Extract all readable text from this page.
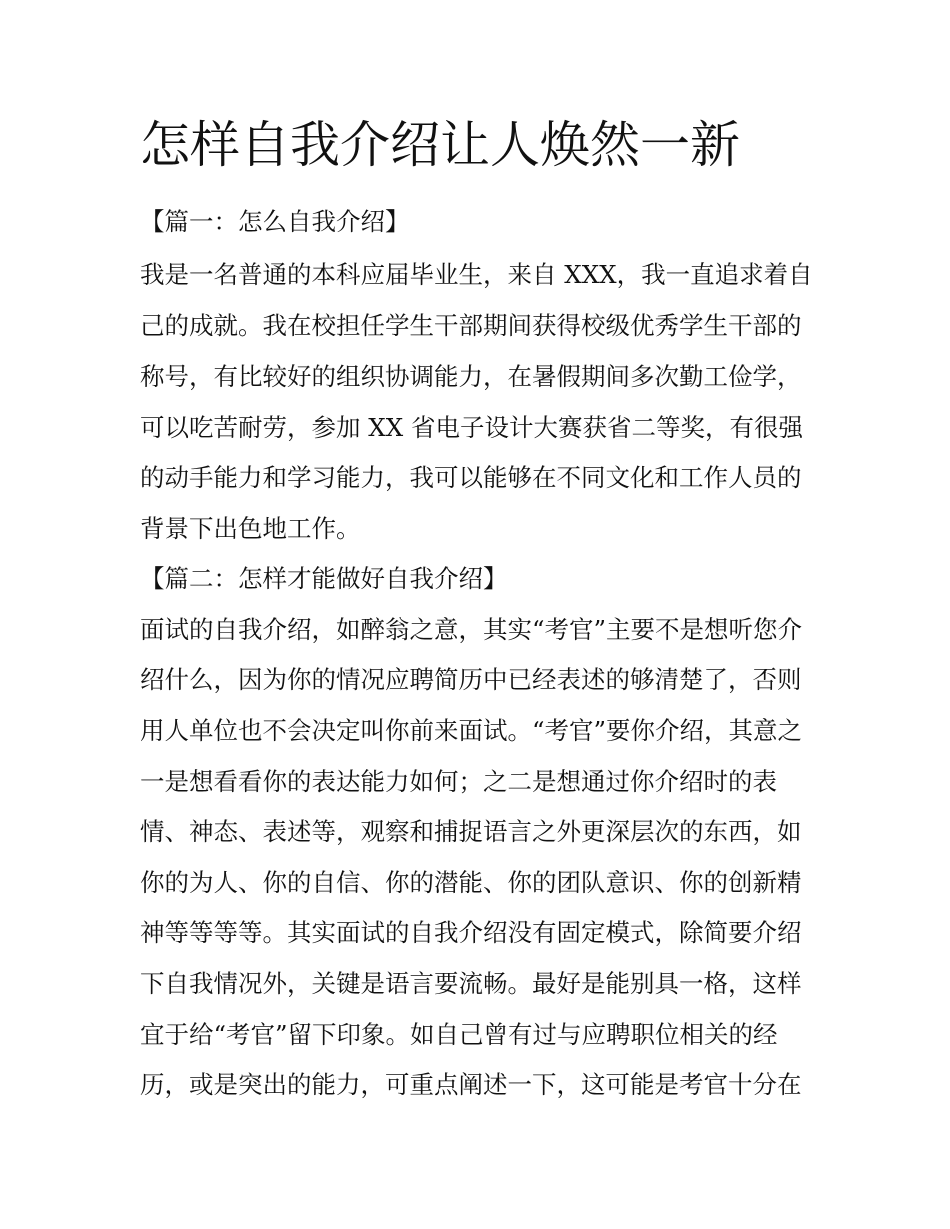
怎样自我介绍让人焕然一新

【篇一：怎么自我介绍】

我是一名普通的本科应届毕业生，来自 XXX，我一直追求着自

己的成就。我在校担任学生干部期间获得校级优秀学生干部的

称号，有比较好的组织协调能力，在暑假期间多次勤工俭学，

可以吃苦耐劳，参加 XX 省电子设计大赛获省二等奖，有很强

的动手能力和学习能力，我可以能够在不同文化和工作人员的

背景下出色地工作。

【篇二：怎样才能做好自我介绍】

面试的自我介绍，如醉翁之意，其实“考官”主要不是想听您介

绍什么，因为你的情况应聘简历中已经表述的够清楚了，否则

用人单位也不会决定叫你前来面试。“考官”要你介绍，其意之

一是想看看你的表达能力如何；之二是想通过你介绍时的表

情、神态、表述等，观察和捕捉语言之外更深层次的东西，如

你的为人、你的自信、你的潜能、你的团队意识、你的创新精

神等等等等。其实面试的自我介绍没有固定模式，除简要介绍

下自我情况外，关键是语言要流畅。最好是能别具一格，这样

宜于给“考官”留下印象。如自己曾有过与应聘职位相关的经

历，或是突出的能力，可重点阐述一下，这可能是考官十分在
